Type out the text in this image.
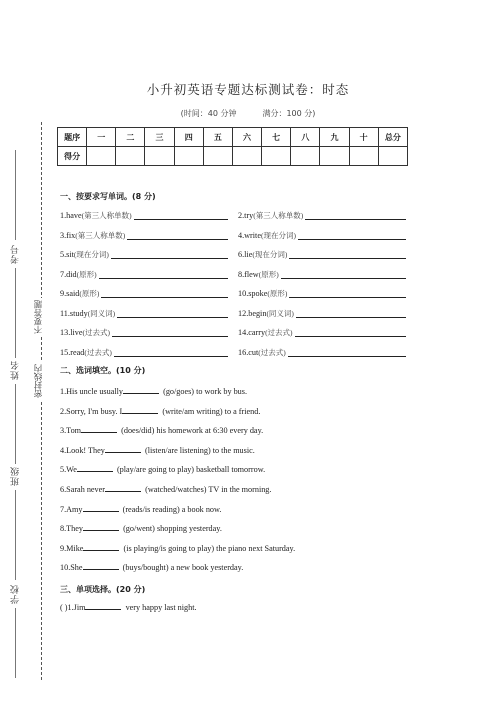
考号
姓名
班级
学校
不要答题
密封线内
小升初英语专题达标测试卷：时态
(时间：40 分钟	满分：100 分)
题序	一	二	三	四	五	六	七	八	九	十	总分
得分											
一、按要求写单词。(8 分)
1.have(第三人称单数)	2.try(第三人称单数)
3.fix(第三人称单数)	4.write(现在分词)
5.sit(现在分词)	6.lie(现在分词)
7.did(原形)	8.flew(原形)
9.said(原形)	10.spoke(原形)
11.study(同义词)	12.begin(同义词)
13.live(过去式)	14.carry(过去式)
15.read(过去式)	16.cut(过去式)
二、选词填空。(10 分)
1.His uncle usually	(go/goes) to work by bus.
2.Sorry, I'm busy. I	(write/am writing) to a friend.
3.Tom	(does/did) his homework at 6:30 every day.
4.Look! They	(listen/are listening) to the music.
5.We	(play/are going to play) basketball tomorrow.
6.Sarah never	(watched/watches) TV in the morning.
7.Amy	(reads/is reading) a book now.
8.They	(go/went) shopping yesterday.
9.Mike	(is playing/is going to play) the piano next Saturday.
10.She	(buys/bought) a new book yesterday.
三、单项选择。(20 分)
( )1.Jim	very happy last night.
